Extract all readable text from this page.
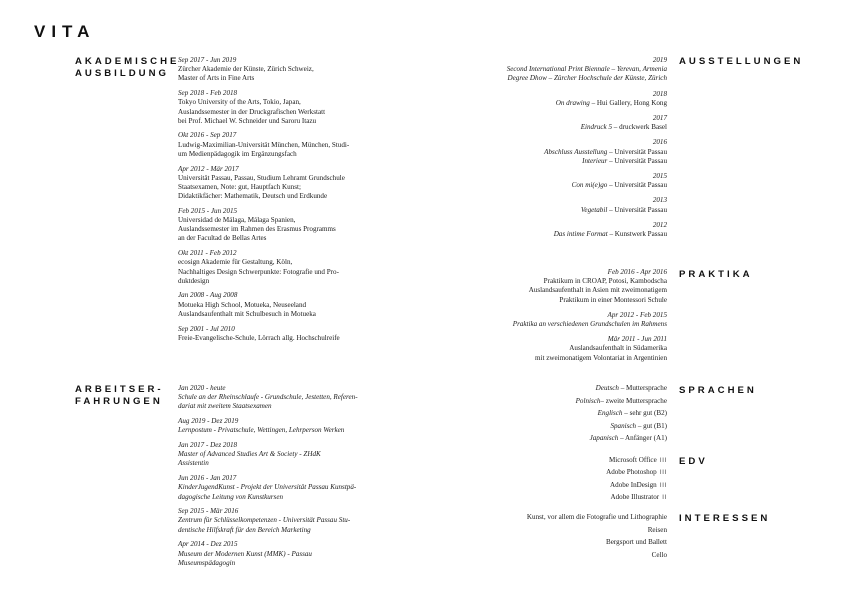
VITA
AKADEMISCHE
AUSBILDUNG
ARBEITSER-
FAHRUNGEN
AUSSTELLUNGEN
PRAKTIKA
SPRACHEN
EDV
INTERESSEN
Sep 2017 - Jun 2019
Zürcher Akademie der Künste, Zürich Schweiz,
Master of Arts in Fine Arts
Sep 2018 - Feb 2018
Tokyo University of the Arts, Tokio, Japan,
Auslandssemester in der Druckgrafischen Werkstatt
bei Prof. Michael W. Schneider und Saroru Itazu
Okt 2016 - Sep 2017
Ludwig-Maximilian-Universität München, München, Studi-
um Medienpädagogik im Ergänzungsfach
Apr 2012 - Mär 2017
Universität Passau, Passau, Studium Lehramt Grundschule
Staatsexamen, Note: gut, Hauptfach Kunst;
Didaktikfächer: Mathematik, Deutsch und Erdkunde
Feb 2015 - Jun 2015
Universidad de Málaga, Málaga Spanien,
Auslandssemester im Rahmen des Erasmus Programms
an der Facultad de Bellas Artes
Okt 2011 - Feb 2012
ecosign Akademie für Gestaltung, Köln,
Nachhaltiges Design Schwerpunkte: Fotografie und Pro-
duktdesign
Jan 2008 - Aug 2008
Motueka High School, Motueka, Neuseeland
Auslandsaufenthalt mit Schulbesuch in Motueka
Sep 2001 - Jul 2010
Freie-Evangelische-Schule, Lörrach allg. Hochschulreife
Jan 2020 - heute
Schule an der Rheinschlaufe - Grundschule, Jestetten, Referen-
dariat mit zweitem Staatsexamen
Aug 2019 - Dez 2019
Lernpostum - Privatschule, Wettingen, Lehrperson Werken
Jan 2017 - Dez 2018
Master of Advanced Studies Art & Society - ZHdK
Assistentin
Jun 2016 - Jan 2017
KinderJugendKunst - Projekt der Universität Passau Kunstpä-
dagogische Leitung von Kunstkursen
Sep 2015 - Mär 2016
Zentrum für Schlüsselkompetenzen - Universität Passau Stu-
dentische Hilfskraft für den Bereich Marketing
Apr 2014 - Dez 2015
Museum der Modernen Kunst (MMK) - Passau
Museumspädagogin
2019
Second International Print Biennale – Yerevan, Armenia
Degree Dhow – Zürcher Hochschule der Künste, Zürich
2018
On drawing – Hui Gallery, Hong Kong
2017
Eindruck 5 – druckwerk Basel
2016
Abschluss Ausstellung – Universität Passau
Interieur – Universität Passau
2015
Con mi(e)go – Universität Passau
2013
Vegetabil – Universität Passau
2012
Das intime Format – Kunstwerk Passau
Feb 2016 - Apr 2016
Praktikum in CROAP, Potosi, Kambodscha
Auslandsaufenthalt in Asien mit zweimonatigem
Praktikum in einer Montessori Schule
Apr 2012 - Feb 2015
Praktika an verschiedenen Grundschulen im Rahmens
Mär 2011 - Jun 2011
Auslandsaufenthalt in Südamerika
mit zweimonatigem Volontariat in Argentinien
Deutsch – Muttersprache
Polnisch– zweite Muttersprache
Englisch – sehr gut (B2)
Spanisch – gut (B1)
Japanisch – Anfänger (A1)
Microsoft Office III
Adobe Photoshop III
Adobe InDesign III
Adobe Illustrator II
Kunst, vor allem die Fotografie und Lithographie
Reisen
Bergsport und Ballett
Cello
